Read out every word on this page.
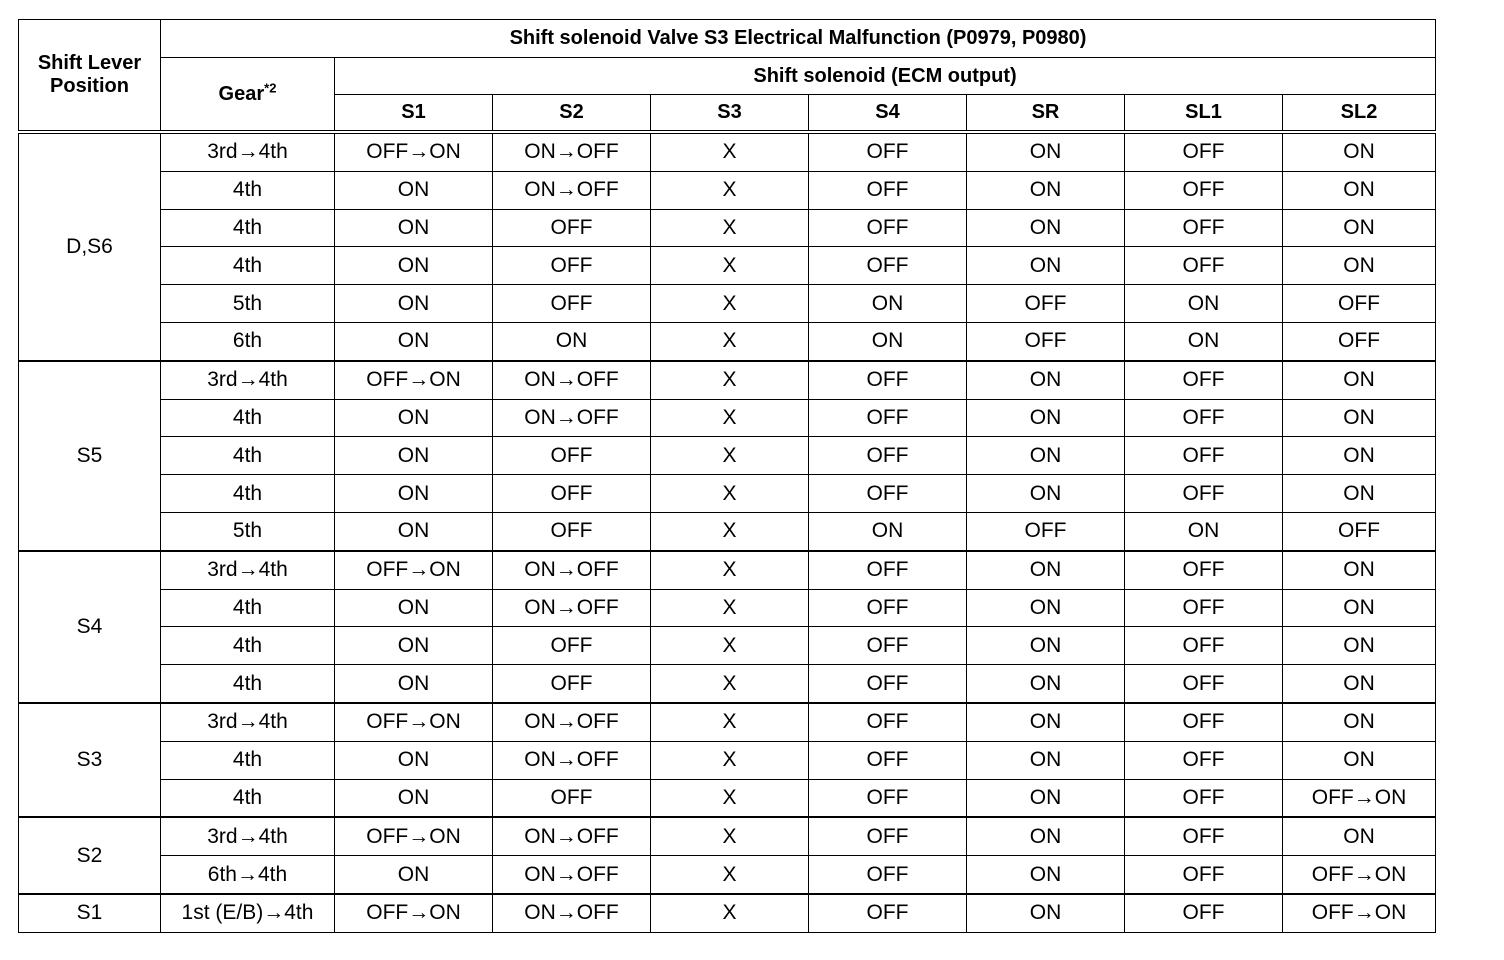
Shift Lever Position	Shift solenoid Valve S3 Electrical Malfunction (P0979, P0980)							
	Gear$^{*2}$	Shift solenoid (ECM output)						
		S1	S2	S3	S4	SR	SL1	SL2
D,S6	3rd→4th	OFF→ON	ON→OFF	X	OFF	ON	OFF	ON
	4th	ON	ON→OFF	X	OFF	ON	OFF	ON
	4th	ON	OFF	X	OFF	ON	OFF	ON
	4th	ON	OFF	X	OFF	ON	OFF	ON
	5th	ON	OFF	X	ON	OFF	ON	OFF
	6th	ON	ON	X	ON	OFF	ON	OFF
S5	3rd→4th	OFF→ON	ON→OFF	X	OFF	ON	OFF	ON
	4th	ON	ON→OFF	X	OFF	ON	OFF	ON
	4th	ON	OFF	X	OFF	ON	OFF	ON
	4th	ON	OFF	X	OFF	ON	OFF	ON
	5th	ON	OFF	X	ON	OFF	ON	OFF
S4	3rd→4th	OFF→ON	ON→OFF	X	OFF	ON	OFF	ON
	4th	ON	ON→OFF	X	OFF	ON	OFF	ON
	4th	ON	OFF	X	OFF	ON	OFF	ON
	4th	ON	OFF	X	OFF	ON	OFF	ON
S3	3rd→4th	OFF→ON	ON→OFF	X	OFF	ON	OFF	ON
	4th	ON	ON→OFF	X	OFF	ON	OFF	ON
	4th	ON	OFF	X	OFF	ON	OFF	OFF→ON
S2	3rd→4th	OFF→ON	ON→OFF	X	OFF	ON	OFF	ON
	6th→4th	ON	ON→OFF	X	OFF	ON	OFF	OFF→ON
S1	1st (E/B)→4th	OFF→ON	ON→OFF	X	OFF	ON	OFF	OFF→ON
